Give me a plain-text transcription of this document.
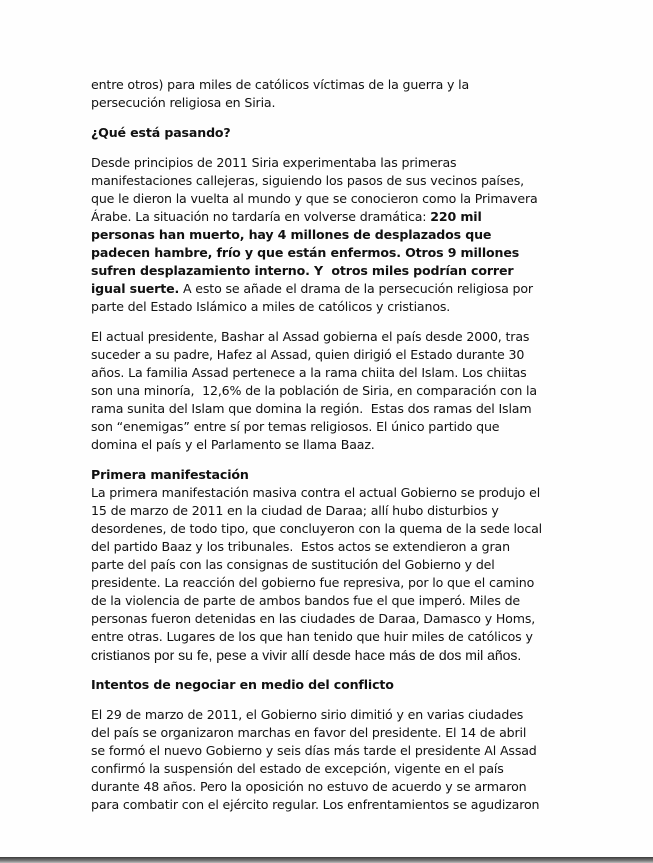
entre otros) para miles de católicos víctimas de la guerra y la
persecución religiosa en Siria.
¿Qué está pasando?
Desde principios de 2011 Siria experimentaba las primeras
manifestaciones callejeras, siguiendo los pasos de sus vecinos países,
que le dieron la vuelta al mundo y que se conocieron como la Primavera
Árabe. La situación no tardaría en volverse dramática: 220 mil
personas han muerto, hay 4 millones de desplazados que
padecen hambre, frío y que están enfermos. Otros 9 millones
sufren desplazamiento interno. Y  otros miles podrían correr
igual suerte. A esto se añade el drama de la persecución religiosa por
parte del Estado Islámico a miles de católicos y cristianos.
El actual presidente, Bashar al Assad gobierna el país desde 2000, tras
suceder a su padre, Hafez al Assad, quien dirigió el Estado durante 30
años. La familia Assad pertenece a la rama chiita del Islam. Los chiitas
son una minoría,  12,6% de la población de Siria, en comparación con la
rama sunita del Islam que domina la región.  Estas dos ramas del Islam
son “enemigas” entre sí por temas religiosos. El único partido que
domina el país y el Parlamento se llama Baaz.
Primera manifestación
La primera manifestación masiva contra el actual Gobierno se produjo el
15 de marzo de 2011 en la ciudad de Daraa; allí hubo disturbios y
desordenes, de todo tipo, que concluyeron con la quema de la sede local
del partido Baaz y los tribunales.  Estos actos se extendieron a gran
parte del país con las consignas de sustitución del Gobierno y del
presidente. La reacción del gobierno fue represiva, por lo que el camino
de la violencia de parte de ambos bandos fue el que imperó. Miles de
personas fueron detenidas en las ciudades de Daraa, Damasco y Homs,
entre otras. Lugares de los que han tenido que huir miles de católicos y
cristianos por su fe, pese a vivir allí desde hace más de dos mil años.
Intentos de negociar en medio del conflicto
El 29 de marzo de 2011, el Gobierno sirio dimitió y en varias ciudades
del país se organizaron marchas en favor del presidente. El 14 de abril
se formó el nuevo Gobierno y seis días más tarde el presidente Al Assad
confirmó la suspensión del estado de excepción, vigente en el país
durante 48 años. Pero la oposición no estuvo de acuerdo y se armaron
para combatir con el ejército regular. Los enfrentamientos se agudizaron
